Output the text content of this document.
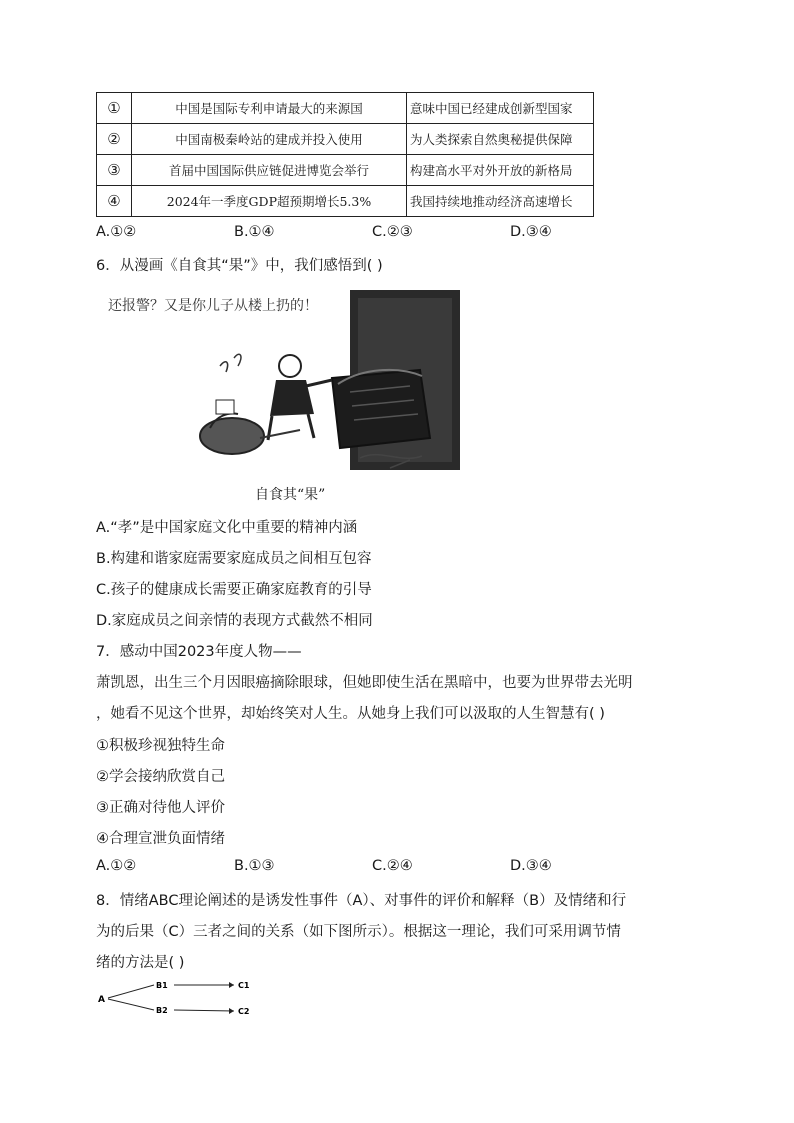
①	中国是国际专利申请最大的来源国	意味中国已经建成创新型国家
②	中国南极秦岭站的建成并投入使用	为人类探索自然奥秘提供保障
③	首届中国国际供应链促进博览会举行	构建高水平对外开放的新格局
④	2024年一季度GDP超预期增长5.3%	我国持续地推动经济高速增长
A.①②	B.①④	C.②③	D.③④
6．从漫画《自食其“果”》中，我们感悟到( )
还报警？又是你儿子从楼上扔的！
自食其“果”
A.“孝”是中国家庭文化中重要的精神内涵
B.构建和谐家庭需要家庭成员之间相互包容
C.孩子的健康成长需要正确家庭教育的引导
D.家庭成员之间亲情的表现方式截然不相同
7．感动中国2023年度人物——
萧凯恩，出生三个月因眼癌摘除眼球，但她即使生活在黑暗中，也要为世界带去光明
，她看不见这个世界，却始终笑对人生。从她身上我们可以汲取的人生智慧有( )
①积极珍视独特生命
②学会接纳欣赏自己
③正确对待他人评价
④合理宣泄负面情绪
A.①②	B.①③	C.②④	D.③④
8．情绪ABC理论阐述的是诱发性事件（A）、对事件的评价和解释（B）及情绪和行
为的后果（C）三者之间的关系（如下图所示）。根据这一理论，我们可采用调节情
绪的方法是( )
A
B1
B2
C1
C2
